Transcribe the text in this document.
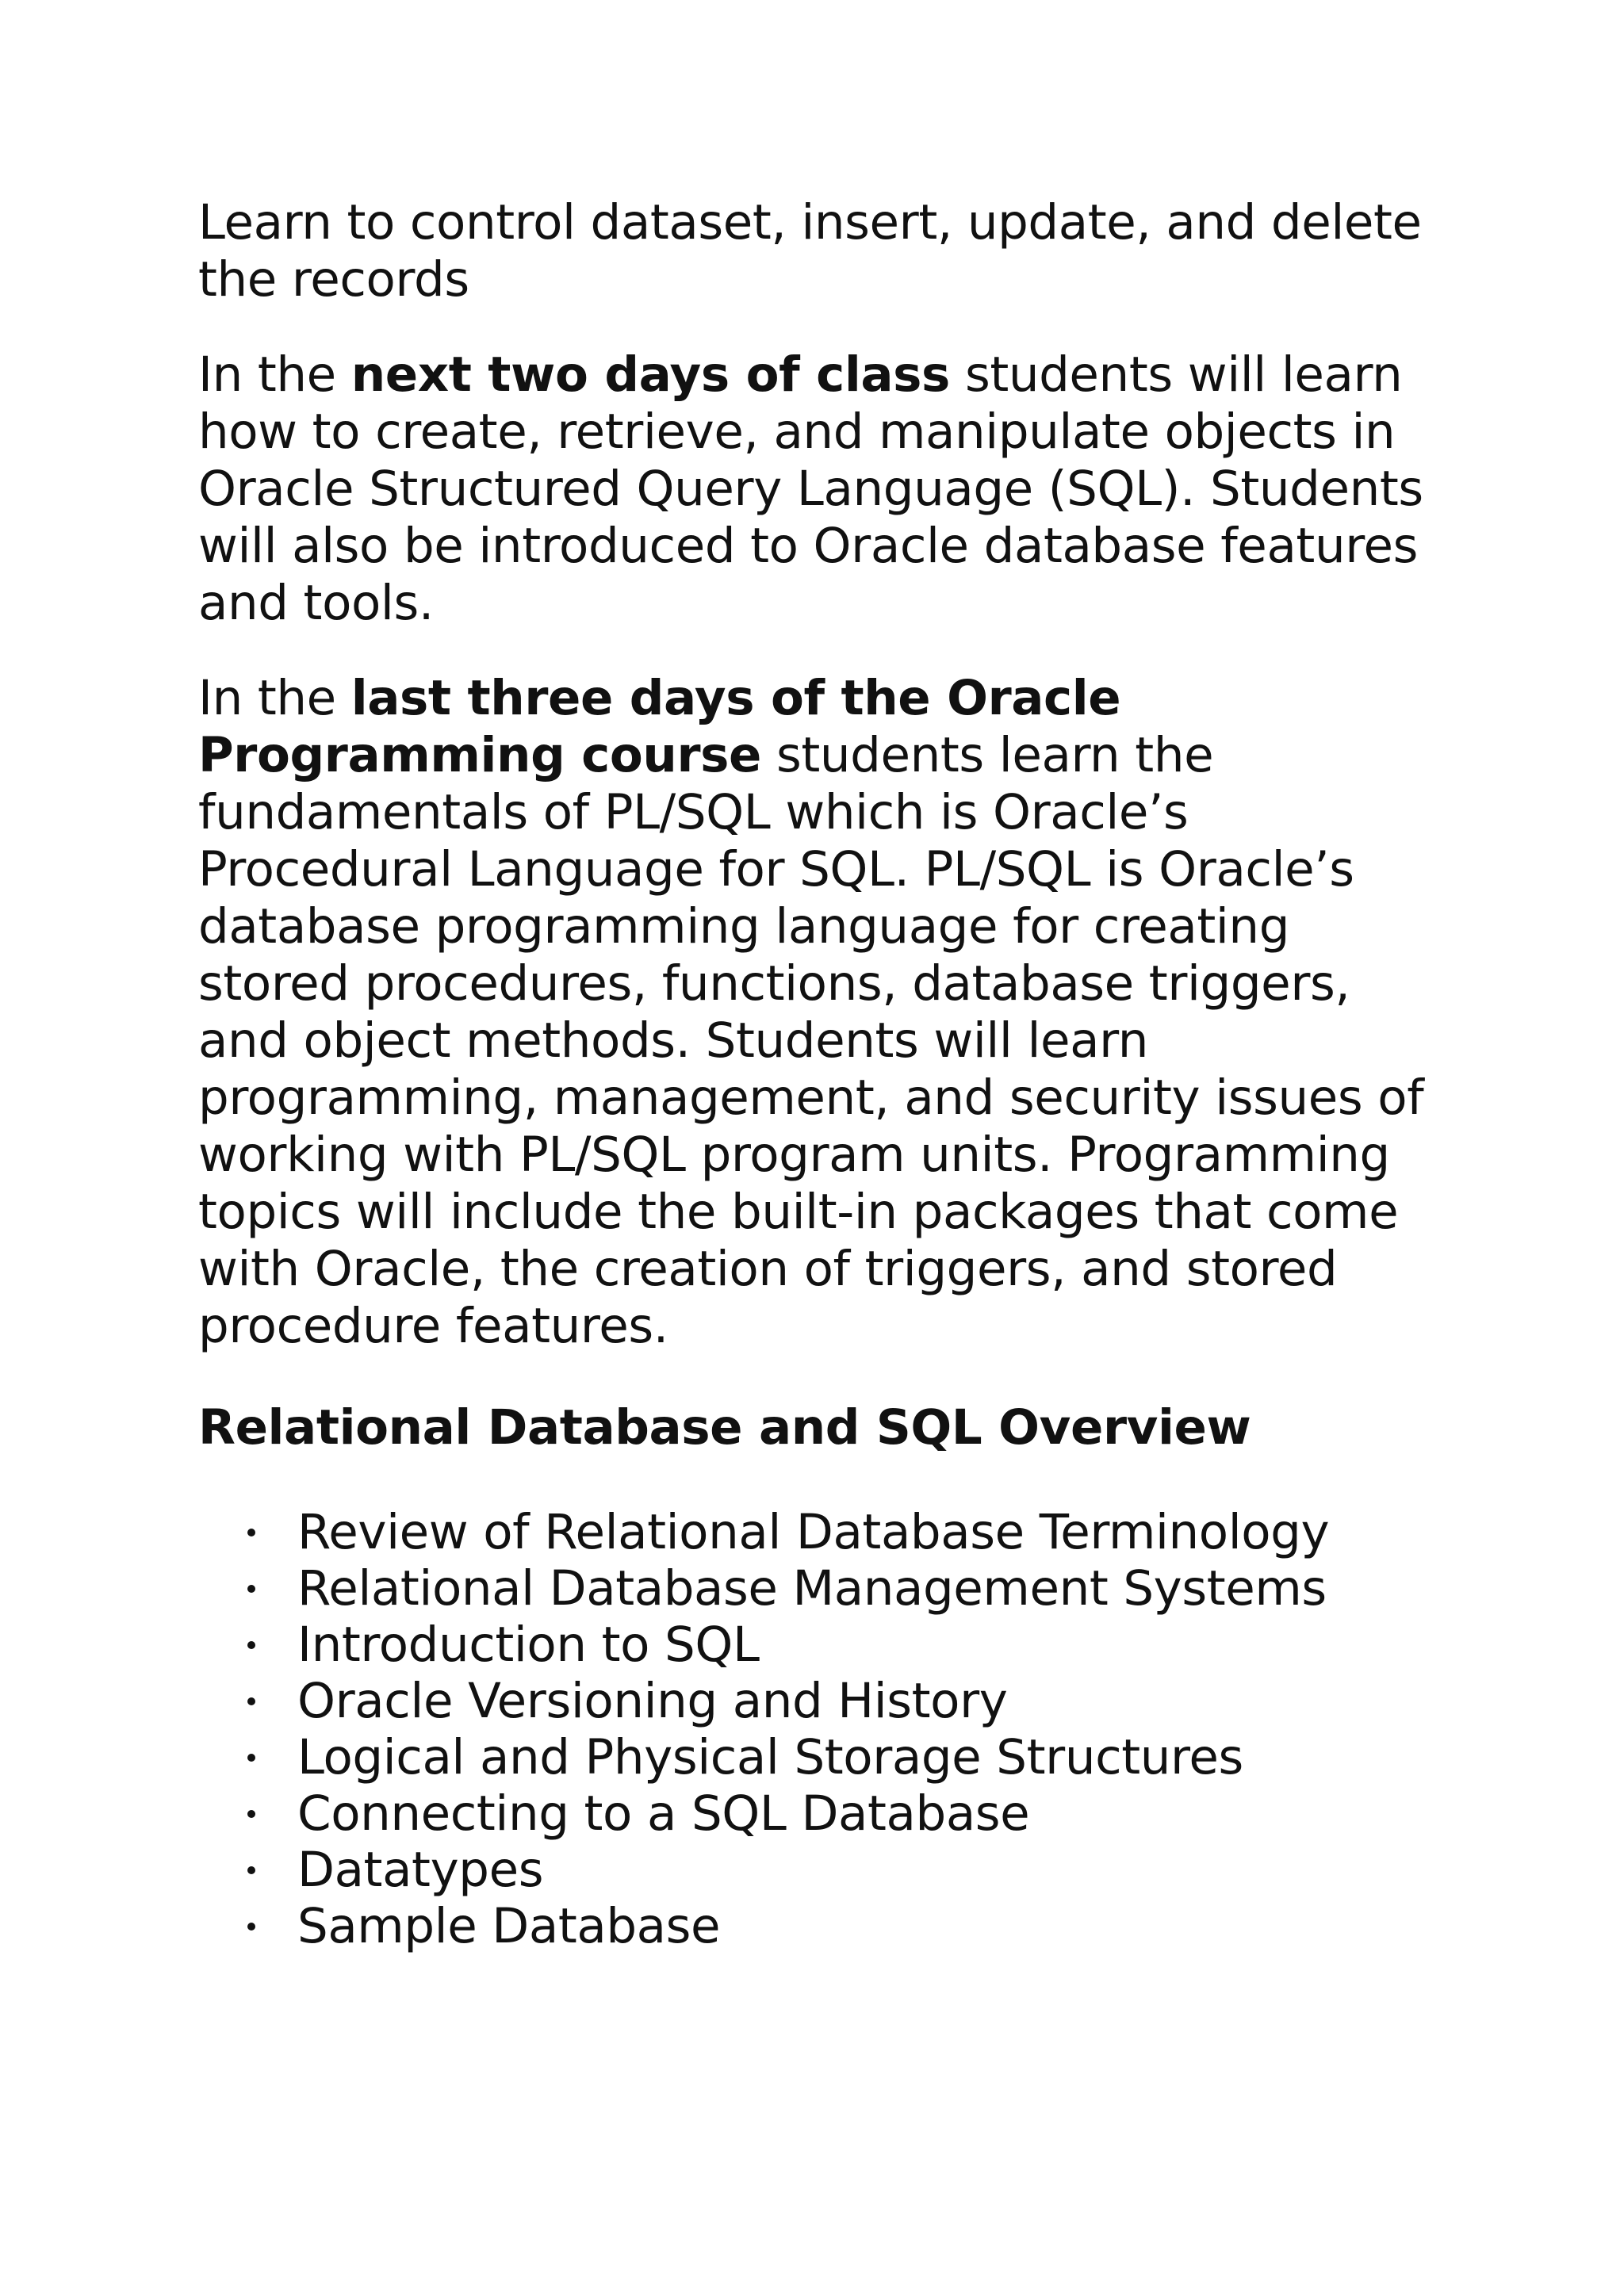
Learn to control dataset, insert, update, and delete the records

In the next two days of class students will learn how to create, retrieve, and manipulate objects in Oracle Structured Query Language (SQL). Students will also be introduced to Oracle database features and tools.

In the last three days of the Oracle Programming course students learn the fundamentals of PL/SQL which is Oracle’s Procedural Language for SQL. PL/SQL is Oracle’s database programming language for creating stored procedures, functions, database triggers, and object methods. Students will learn programming, management, and security issues of working with PL/SQL program units. Programming topics will include the built-in packages that come with Oracle, the creation of triggers, and stored procedure features.

Relational Database and SQL Overview
Review of Relational Database Terminology
Relational Database Management Systems
Introduction to SQL
Oracle Versioning and History
Logical and Physical Storage Structures
Connecting to a SQL Database
Datatypes
Sample Database
